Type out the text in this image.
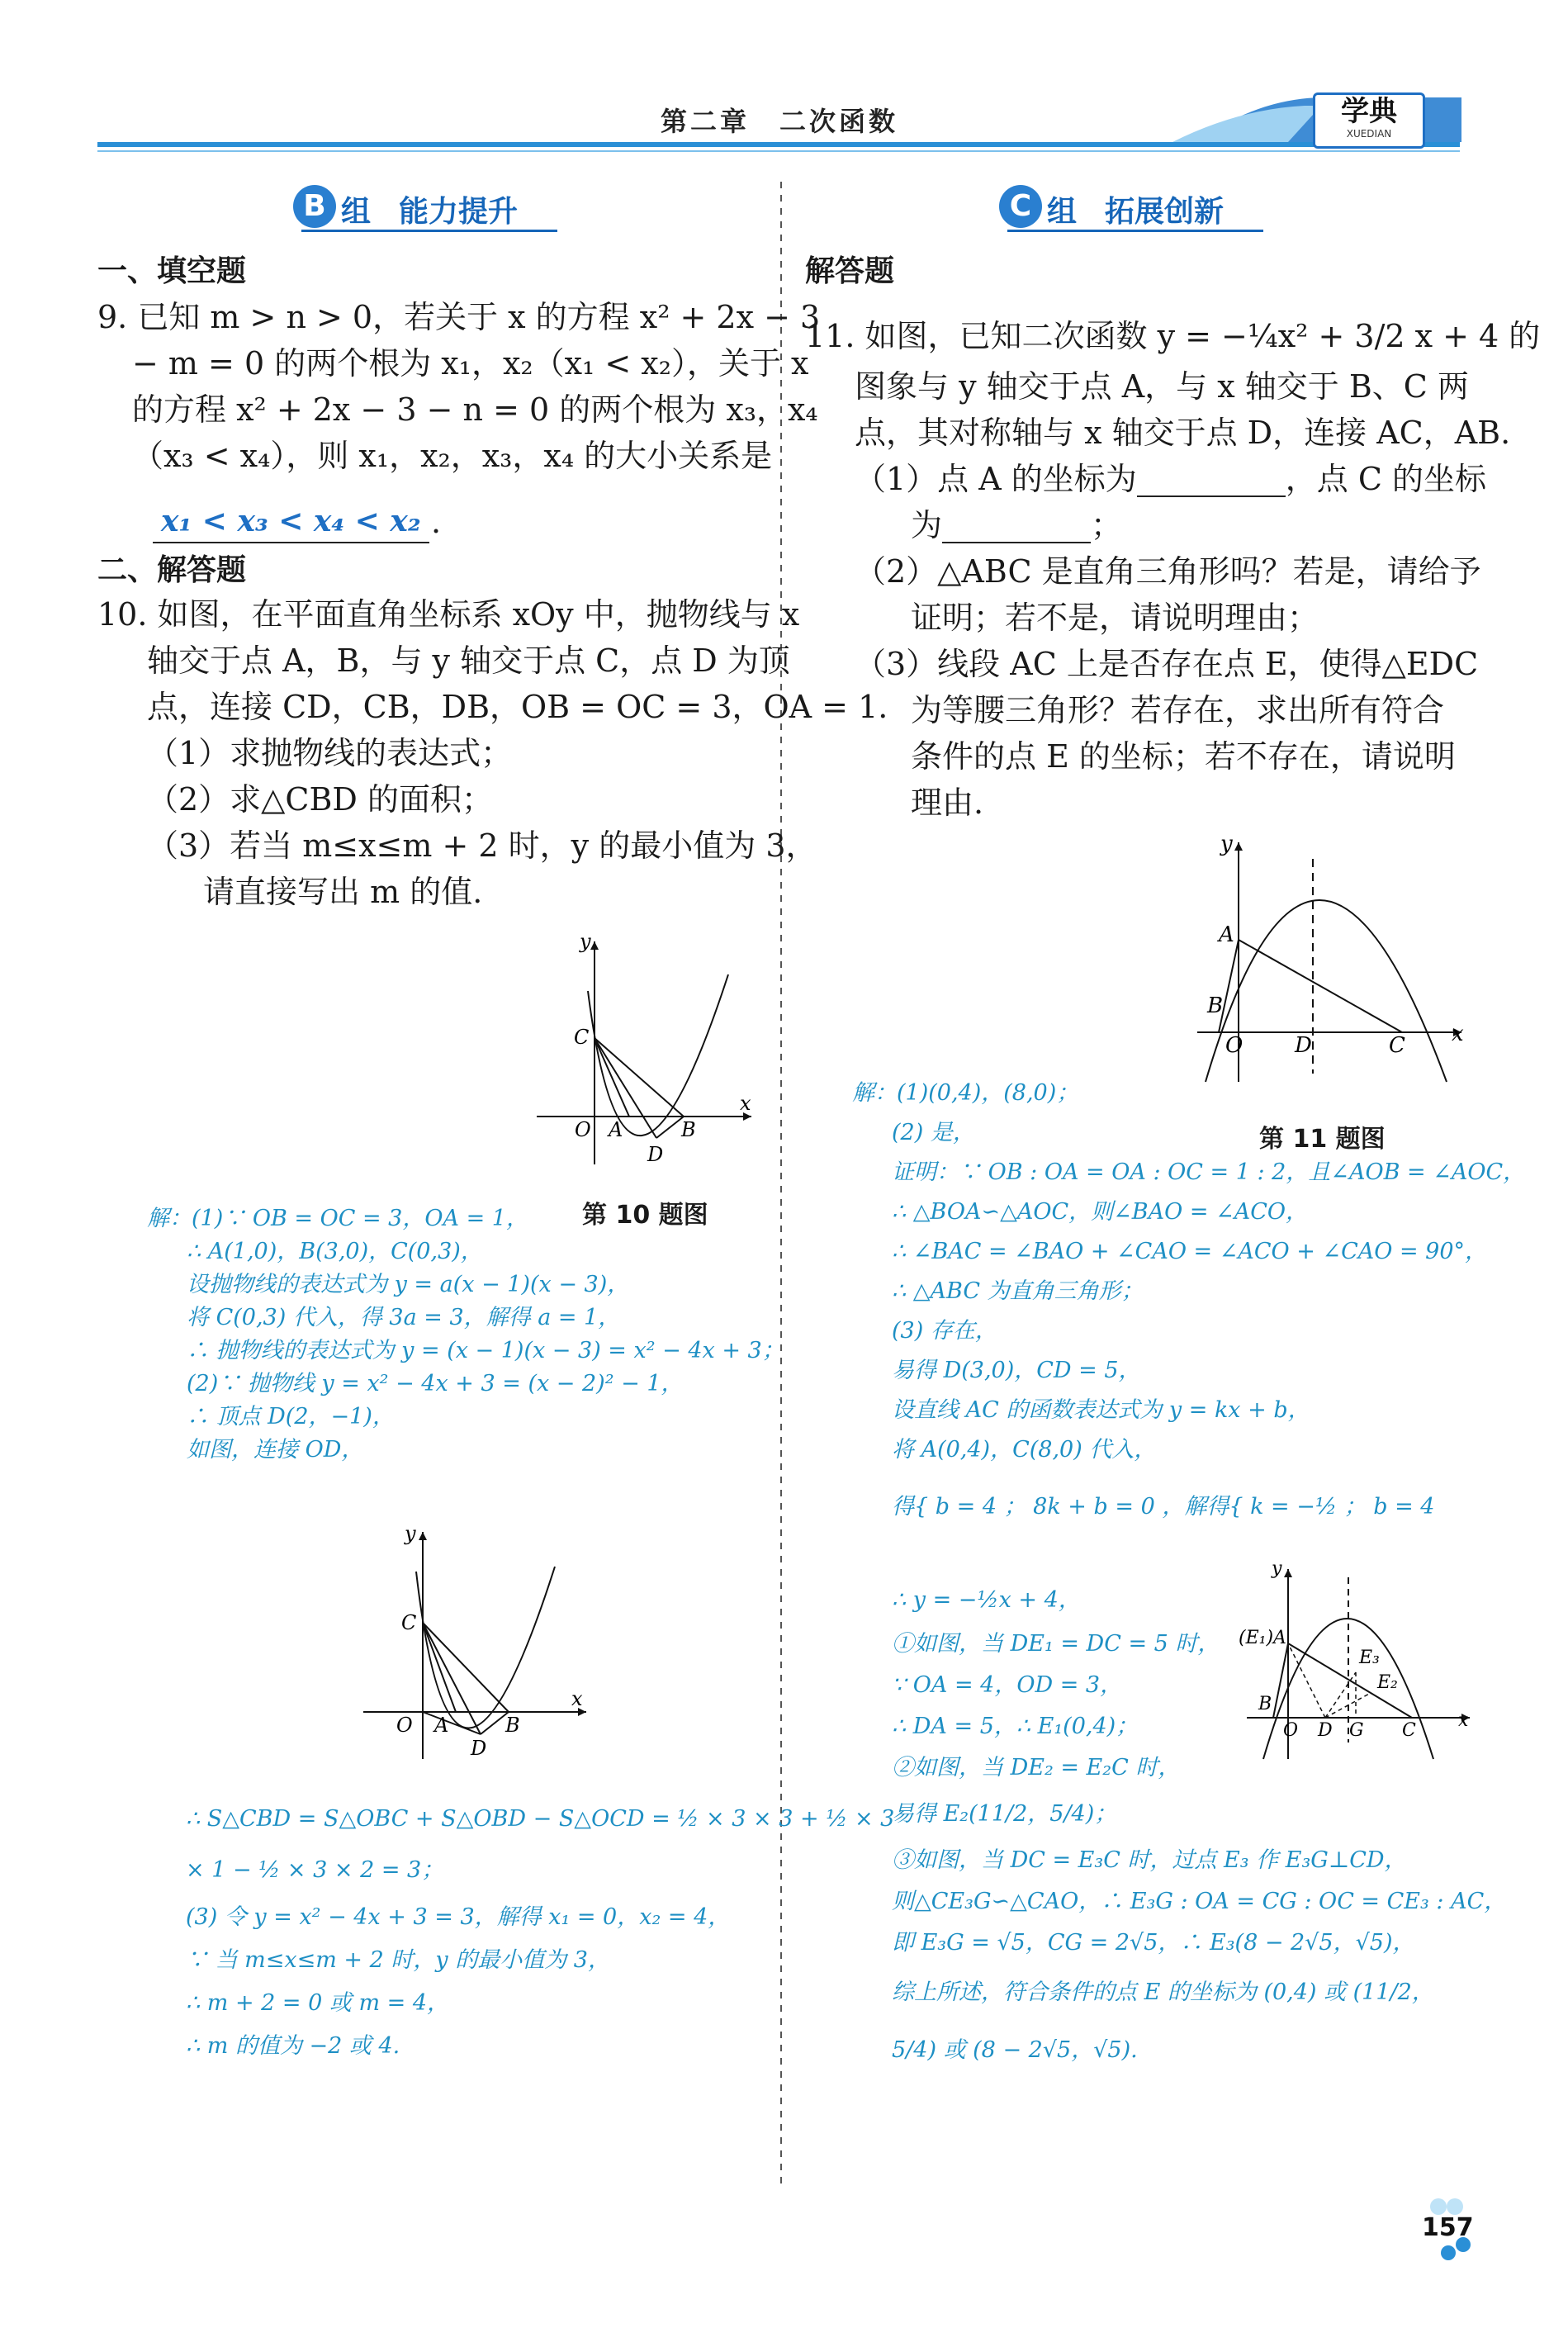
第二章　二次函数	学典
XUEDIAN
B 组 能力提升
一、填空题
9. 已知 m > n > 0，若关于 x 的方程 x² + 2x − 3
− m = 0 的两个根为 x₁，x₂（x₁ < x₂），关于 x
的方程 x² + 2x − 3 − n = 0 的两个根为 x₃，x₄
（x₃ < x₄），则 x₁，x₂，x₃，x₄ 的大小关系是
x₁ < x₃ < x₄ < x₂ .
二、解答题
10. 如图，在平面直角坐标系 xOy 中，抛物线与 x
轴交于点 A，B，与 y 轴交于点 C，点 D 为顶
点，连接 CD，CB，DB，OB = OC = 3，OA = 1.
（1）求抛物线的表达式；
（2）求△CBD 的面积；
（3）若当 m≤x≤m + 2 时，y 的最小值为 3，
请直接写出 m 的值.
y
x
C
O A	B
D
第 10 题图
解：(1)∵ OB = OC = 3，OA = 1，
∴ A(1,0)，B(3,0)，C(0,3)，
设抛物线的表达式为 y = a(x − 1)(x − 3)，
将 C(0,3) 代入，得 3a = 3，解得 a = 1，
∴ 抛物线的表达式为 y = (x − 1)(x − 3) = x² − 4x + 3；
(2)∵ 抛物线 y = x² − 4x + 3 = (x − 2)² − 1，
∴ 顶点 D(2，−1)，
如图，连接 OD，
y
x
C
O A	B
D
∴ S△CBD = S△OBC + S△OBD − S△OCD = ½ × 3 × 3 + ½ × 3
× 1 − ½ × 3 × 2 = 3；
(3) 令 y = x² − 4x + 3 = 3，解得 x₁ = 0，x₂ = 4，
∵ 当 m≤x≤m + 2 时，y 的最小值为 3，
∴ m + 2 = 0 或 m = 4，
∴ m 的值为 −2 或 4.
C 组 拓展创新
解答题
11. 如图，已知二次函数 y = −¼x² + 3/2 x + 4 的
图象与 y 轴交于点 A，与 x 轴交于 B、C 两
点，其对称轴与 x 轴交于点 D，连接 AC，AB.
（1）点 A 的坐标为	，点 C 的坐标
为	；
（2）△ABC 是直角三角形吗？若是，请给予
证明；若不是，请说明理由；
（3）线段 AC 上是否存在点 E，使得△EDC
为等腰三角形？若存在，求出所有符合
条件的点 E 的坐标；若不存在，请说明
理由.
y
x
A
B
O D	C
第 11 题图
解：(1)(0,4)，(8,0)；
(2) 是，
证明：∵ OB : OA = OA : OC = 1 : 2，且∠AOB = ∠AOC，
∴ △BOA∽△AOC，则∠BAO = ∠ACO，
∴ ∠BAC = ∠BAO + ∠CAO = ∠ACO + ∠CAO = 90°，
∴ △ABC 为直角三角形；
(3) 存在，
易得 D(3,0)，CD = 5，
设直线 AC 的函数表达式为 y = kx + b，
将 A(0,4)，C(8,0) 代入，
得{ b = 4 ； 8k + b = 0 ，解得{ k = −½ ； b = 4
∴ y = −½x + 4，
①如图，当 DE₁ = DC = 5 时，
∵ OA = 4，OD = 3，
∴ DA = 5，∴ E₁(0,4)；
②如图，当 DE₂ = E₂C 时，
易得 E₂(11/2，5/4)；
③如图，当 DC = E₃C 时，过点 E₃ 作 E₃G⊥CD，
则△CE₃G∽△CAO，∴ E₃G : OA = CG : OC = CE₃ : AC，
即 E₃G = √5，CG = 2√5，∴ E₃(8 − 2√5，√5)，
综上所述，符合条件的点 E 的坐标为 (0,4) 或 (11/2，
5/4) 或 (8 − 2√5，√5).
y
x
(E₁)A
E₃
E₂
B
O D G C
157
